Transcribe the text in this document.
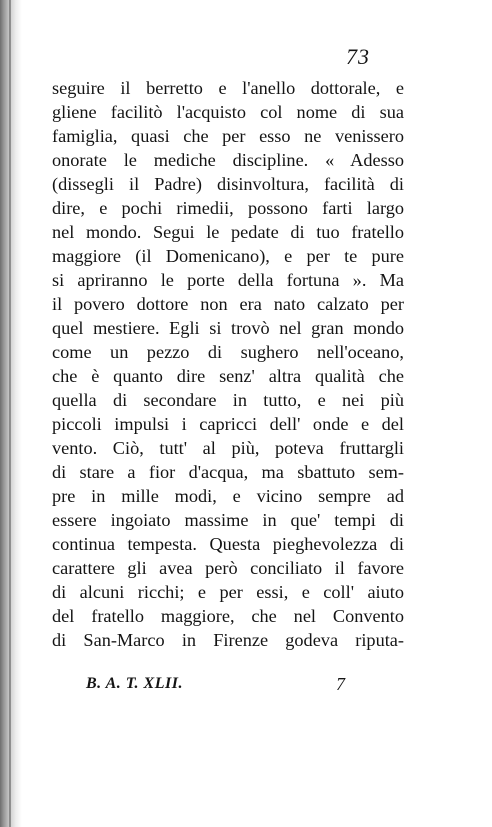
73
seguire il berretto e l'anello dottorale, e
gliene facilitò l'acquisto col nome di sua
famiglia, quasi che per esso ne venissero
onorate le mediche discipline. « Adesso
(dissegli il Padre) disinvoltura, facilità di
dire, e pochi rimedii, possono farti largo
nel mondo. Segui le pedate di tuo fratello
maggiore (il Domenicano), e per te pure
si apriranno le porte della fortuna ». Ma
il povero dottore non era nato calzato per
quel mestiere. Egli si trovò nel gran mondo
come un pezzo di sughero nell'oceano,
che è quanto dire senz' altra qualità che
quella di secondare in tutto, e nei più
piccoli impulsi i capricci dell' onde e del
vento. Ciò, tutt' al più, poteva fruttargli
di stare a fior d'acqua, ma sbattuto sem-
pre in mille modi, e vicino sempre ad
essere ingoiato massime in que' tempi di
continua tempesta. Questa pieghevolezza di
carattere gli avea però conciliato il favore
di alcuni ricchi; e per essi, e coll' aiuto
del fratello maggiore, che nel Convento
di San-Marco in Firenze godeva riputa-
B. A. T. XLII.	7
